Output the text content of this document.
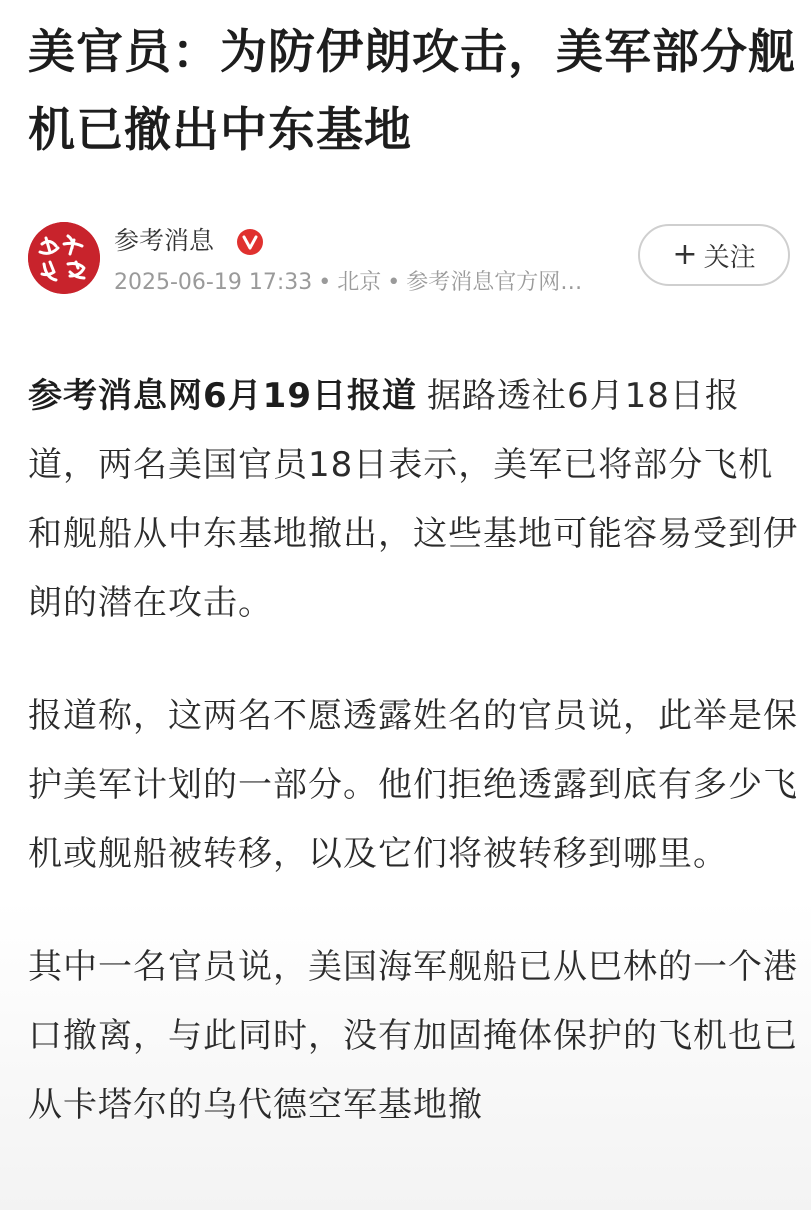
美官员：为防伊朗攻击，美军部分舰机已撤出中东基地
参考消息
2025-06-19 17:33 • 北京 • 参考消息官方网…
+ 关注

参考消息网6月19日报道 据路透社6月18日报道，两名美国官员18日表示，美军已将部分飞机和舰船从中东基地撤出，这些基地可能容易受到伊朗的潜在攻击。

报道称，这两名不愿透露姓名的官员说，此举是保护美军计划的一部分。他们拒绝透露到底有多少飞机或舰船被转移，以及它们将被转移到哪里。

其中一名官员说，美国海军舰船已从巴林的一个港口撤离，与此同时，没有加固掩体保护的飞机也已从卡塔尔的乌代德空军基地撤
